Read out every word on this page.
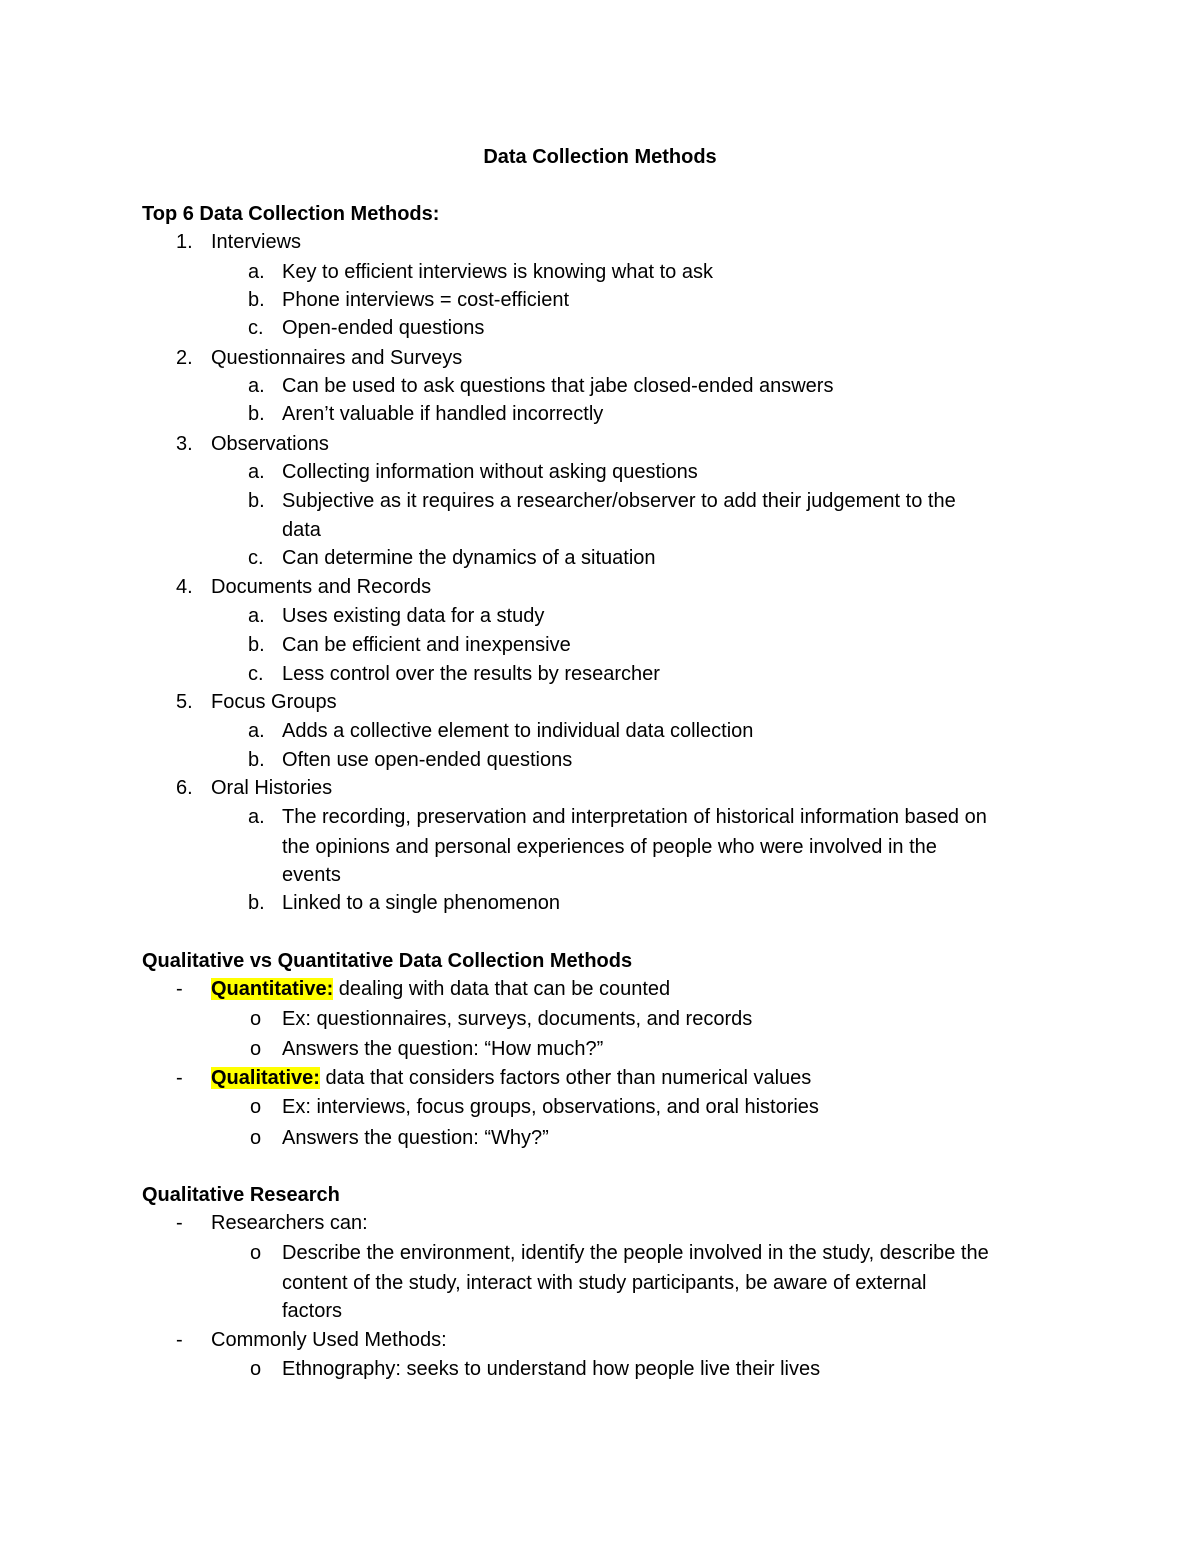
Data Collection Methods
Top 6 Data Collection Methods:
1. Interviews
a. Key to efficient interviews is knowing what to ask
b. Phone interviews = cost-efficient
c. Open-ended questions
2. Questionnaires and Surveys
a. Can be used to ask questions that jabe closed-ended answers
b. Aren’t valuable if handled incorrectly
3. Observations
a. Collecting information without asking questions
b. Subjective as it requires a researcher/observer to add their judgement to the
data
c. Can determine the dynamics of a situation
4. Documents and Records
a. Uses existing data for a study
b. Can be efficient and inexpensive
c. Less control over the results by researcher
5. Focus Groups
a. Adds a collective element to individual data collection
b. Often use open-ended questions
6. Oral Histories
a. The recording, preservation and interpretation of historical information based on
the opinions and personal experiences of people who were involved in the
events
b. Linked to a single phenomenon
Qualitative vs Quantitative Data Collection Methods
- Quantitative: dealing with data that can be counted
o Ex: questionnaires, surveys, documents, and records
o Answers the question: “How much?”
- Qualitative: data that considers factors other than numerical values
o Ex: interviews, focus groups, observations, and oral histories
o Answers the question: “Why?”
Qualitative Research
- Researchers can:
o Describe the environment, identify the people involved in the study, describe the
content of the study, interact with study participants, be aware of external
factors
- Commonly Used Methods:
o Ethnography: seeks to understand how people live their lives
